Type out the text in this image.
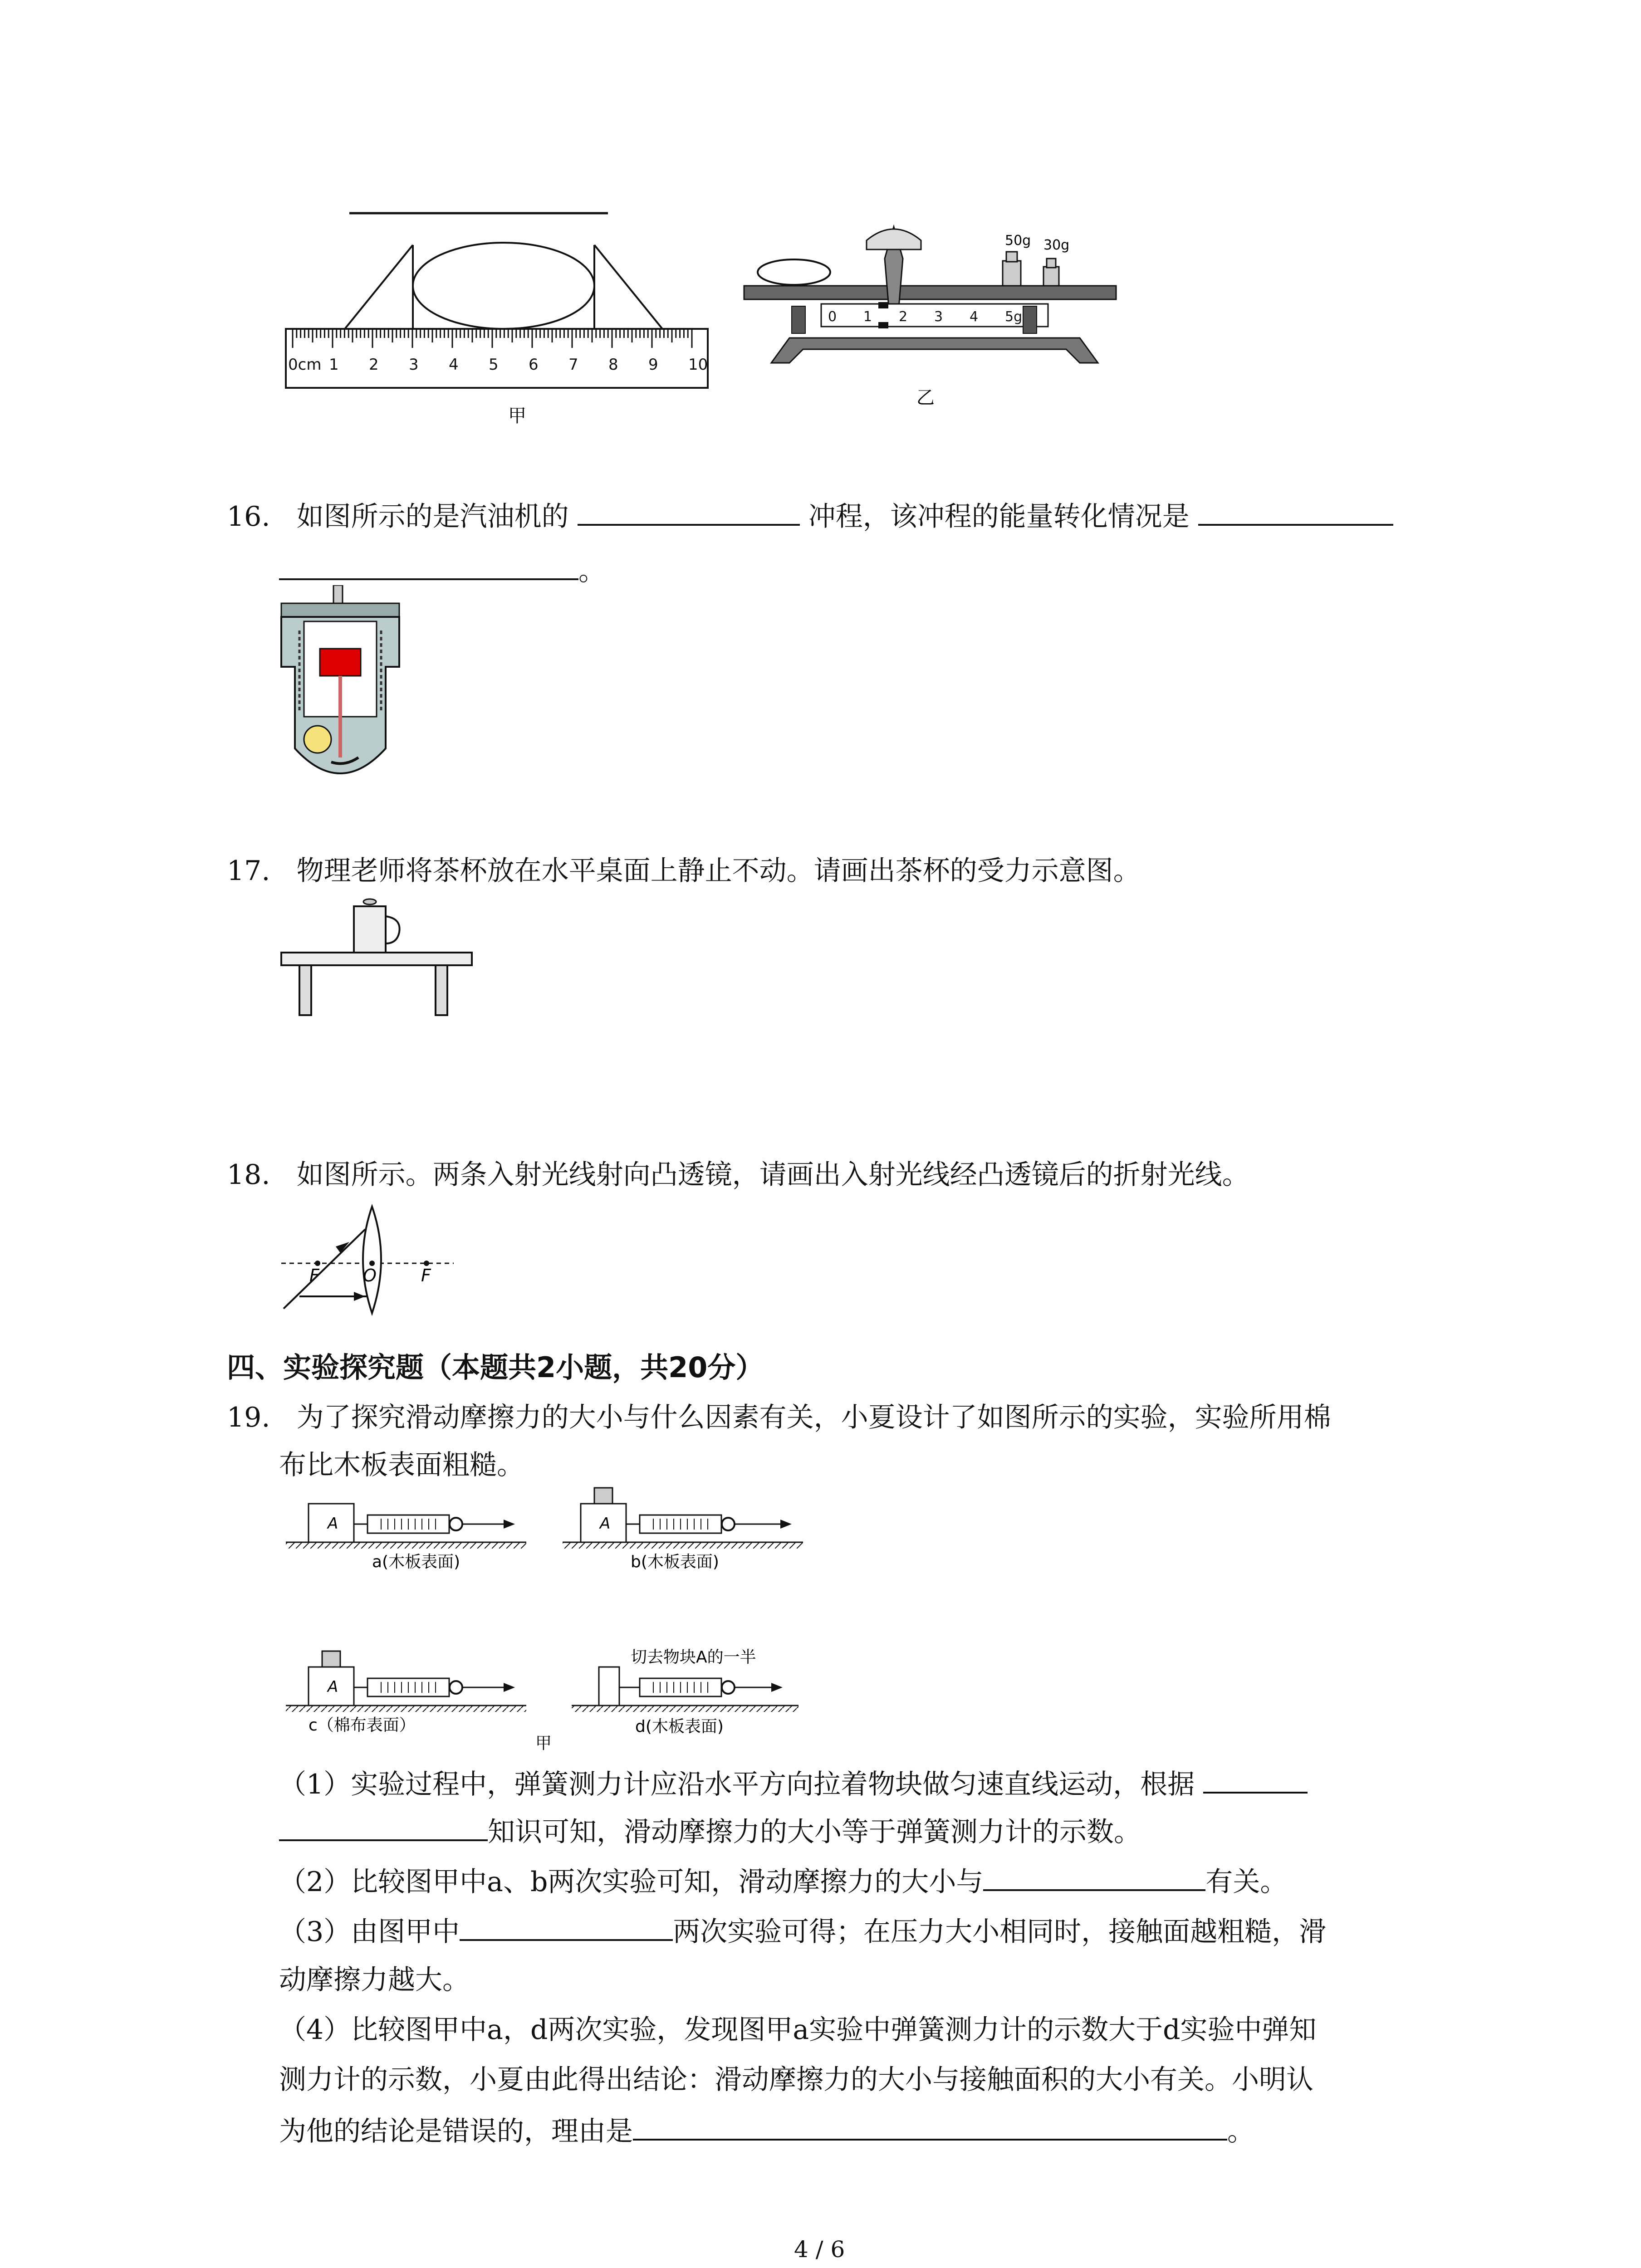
0cm 1 2 3 4 5 6 7 8 9 10
甲
50g 30g
0 1 2 3 4 5g
乙
16. 如图所示的是汽油机的	冲程，该冲程的能量转化情况是
。
17. 物理老师将茶杯放在水平桌面上静止不动。请画出茶杯的受力示意图。
18. 如图所示。两条入射光线射向凸透镜，请画出入射光线经凸透镜后的折射光线。
F	O	F
四、实验探究题（本题共2小题，共20分）
19. 为了探究滑动摩擦力的大小与什么因素有关，小夏设计了如图所示的实验，实验所用棉
布比木板表面粗糙。
A
a(木板表面)
A
b(木板表面)
A
c（棉布表面）
甲
切去物块A的一半
d(木板表面)
（1）实验过程中，弹簧测力计应沿水平方向拉着物块做匀速直线运动，根据
知识可知，滑动摩擦力的大小等于弹簧测力计的示数。
（2）比较图甲中a、b两次实验可知，滑动摩擦力的大小与	有关。
（3）由图甲中	两次实验可得；在压力大小相同时，接触面越粗糙，滑
动摩擦力越大。
（4）比较图甲中a，d两次实验，发现图甲a实验中弹簧测力计的示数大于d实验中弹知
测力计的示数，小夏由此得出结论：滑动摩擦力的大小与接触面积的大小有关。小明认
为他的结论是错误的，理由是	。
4 / 6
